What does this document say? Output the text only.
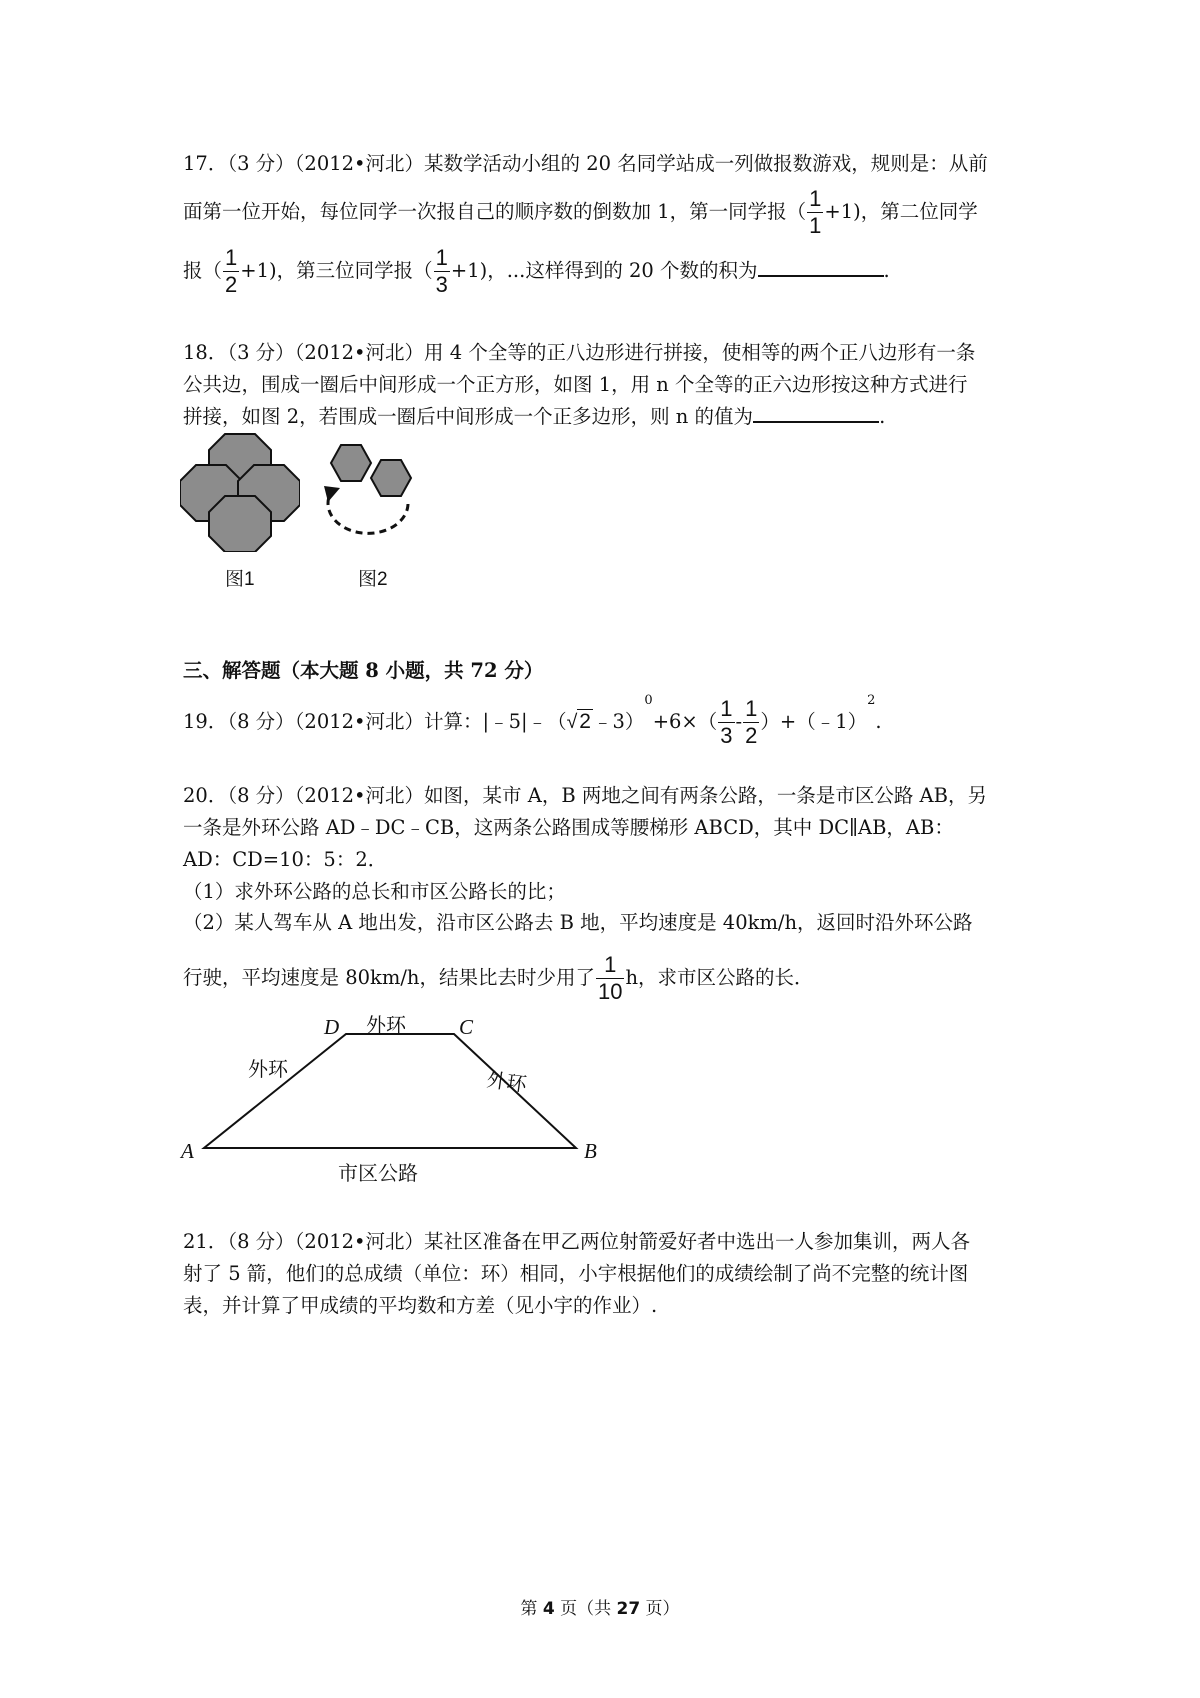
17．（3 分）（2012•河北）某数学活动小组的 20 名同学站成一列做报数游戏，规则是：从前
面第一位开始，每位同学一次报自己的顺序数的倒数加 1，第一同学报（ $\frac{1}{1} +1$)，第二位同学
报（ $\frac{1}{2} +1$)，第三位同学报（ $\frac{1}{3} +1$)，...这样得到的 20 个数的积为	.
18．（3 分）（2012•河北）用 4 个全等的正八边形进行拼接，使相等的两个正八边形有一条
公共边，围成一圈后中间形成一个正方形，如图 1，用 n 个全等的正六边形按这种方式进行
拼接，如图 2，若围成一圈后中间形成一个正多边形，则 n 的值为	.
图1	图2
三、解答题（本大题 8 小题，共 72 分）
19．（8 分）（2012•河北）计算：|﹣5|﹣（√2 ﹣3）$^0$+6×（ $\frac{1}{3} - \frac{1}{2}$ ）+（﹣1）$^2$.
20．（8 分）（2012•河北）如图，某市 A，B 两地之间有两条公路，一条是市区公路 AB，另
一条是外环公路 AD﹣DC﹣CB，这两条公路围成等腰梯形 ABCD，其中 DC∥AB，AB：
AD：CD=10：5：2．
（1）求外环公路的总长和市区公路长的比；
（2）某人驾车从 A 地出发，沿市区公路去 B 地，平均速度是 40km/h，返回时沿外环公路
行驶，平均速度是 80km/h，结果比去时少用了 $\frac{1}{10}$ h，求市区公路的长．
D	C
A	B
外环
外环	外环
市区公路
21．（8 分）（2012•河北）某社区准备在甲乙两位射箭爱好者中选出一人参加集训，两人各
射了 5 箭，他们的总成绩（单位：环）相同，小宇根据他们的成绩绘制了尚不完整的统计图
表，并计算了甲成绩的平均数和方差（见小宇的作业）.
第 4 页（共 27 页）
